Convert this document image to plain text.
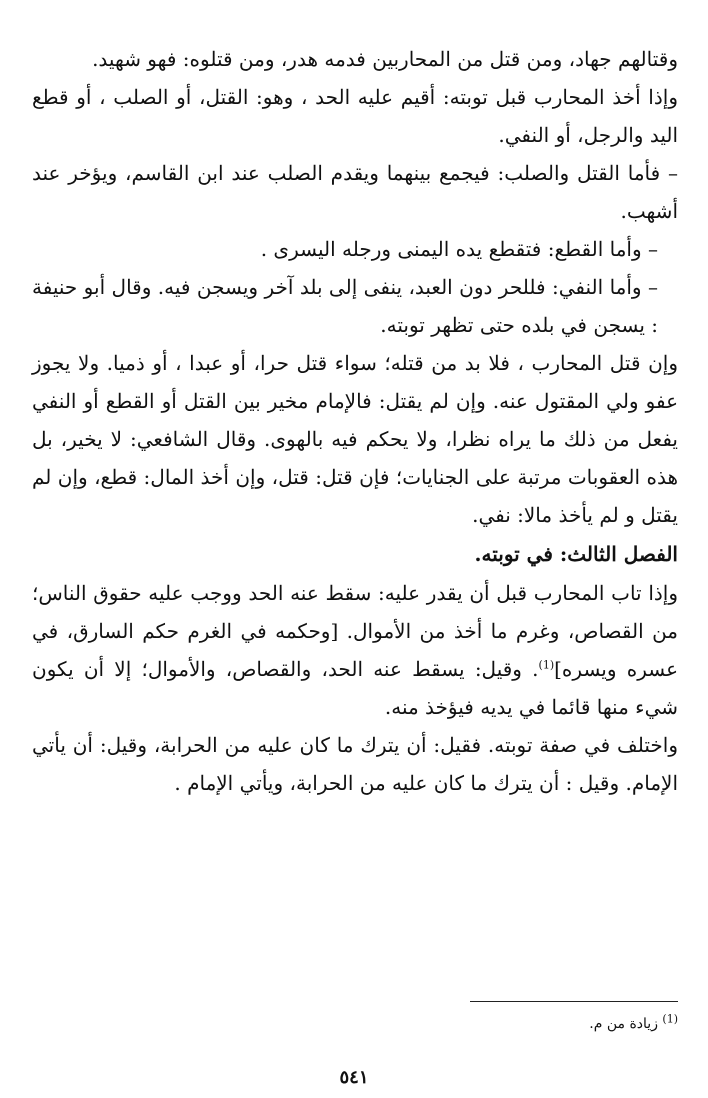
وقتالهم جهاد، ومن قتل من المحاربين فدمه هدر، ومن قتلوه: فهو شهيد.

وإذا أخذ المحارب قبل توبته: أقيم عليه الحد ، وهو: القتل، أو الصلب ، أو قطع اليد والرجل، أو النفي.

– فأما القتل والصلب: فيجمع بينهما ويقدم الصلب عند ابن القاسم، ويؤخر عند أشهب.

– وأما القطع: فتقطع يده اليمنى ورجله اليسرى .

– وأما النفي: فللحر دون العبد، ينفى إلى بلد آخر ويسجن فيه. وقال أبو حنيفة : يسجن في بلده حتى تظهر توبته.

وإن قتل المحارب ، فلا بد من قتله؛ سواء قتل حرا، أو عبدا ، أو ذميا. ولا يجوز عفو ولي المقتول عنه. وإن لم يقتل: فالإمام مخير بين القتل أو القطع أو النفي يفعل من ذلك ما يراه نظرا، ولا يحكم فيه بالهوى. وقال الشافعي: لا يخير، بل هذه العقوبات مرتبة على الجنايات؛ فإن قتل: قتل، وإن أخذ المال: قطع، وإن لم يقتل و لم يأخذ مالا: نفي.

الفصل الثالث: في توبته.

وإذا تاب المحارب قبل أن يقدر عليه: سقط عنه الحد ووجب عليه حقوق الناس؛ من القصاص، وغرم ما أخذ من الأموال. [وحكمه في الغرم حكم السارق، في عسره ويسره]$^{(1)}$. وقيل: يسقط عنه الحد، والقصاص، والأموال؛ إلا أن يكون شيء منها قائما في يديه فيؤخذ منه.

واختلف في صفة توبته. فقيل: أن يترك ما كان عليه من الحرابة، وقيل: أن يأتي الإمام. وقيل : أن يترك ما كان عليه من الحرابة، ويأتي الإمام .

$^{(1)}$ زيادة من م.
٥٤١
